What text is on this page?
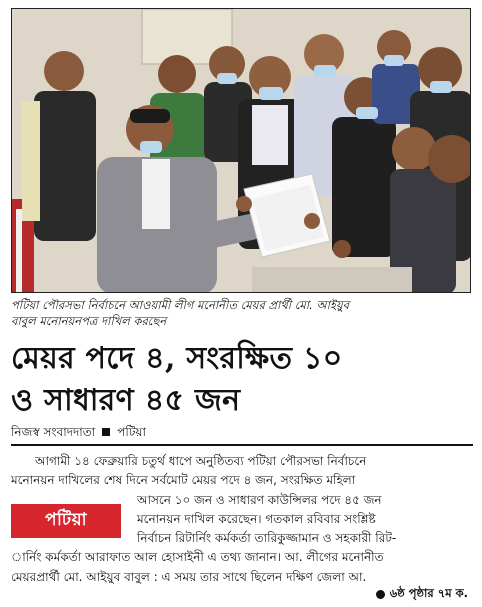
পটিয়া পৌরসভা নির্বাচনে আওয়ামী লীগ মনোনীত মেয়র প্রার্থী মো. আইয়ুব
বাবুল মনোনয়নপত্র দাখিল করছেন
মেয়র পদে ৪, সংরক্ষিত ১০
ও সাধারণ ৪৫ জন
নিজস্ব সংবাদদাতা পটিয়া
আগামী ১৪ ফেব্রুয়ারি চতুর্থ ধাপে অনুষ্ঠিতব্য পটিয়া পৌরসভা নির্বাচনে
মনোনয়ন দাখিলের শেষ দিনে সর্বমোট মেয়র পদে ৪ জন, সংরক্ষিত মহিলা
আসনে ১০ জন ও সাধারণ কাউন্সিলর পদে ৪৫ জন
মনোনয়ন দাখিল করেছেন। গতকাল রবিবার সংশ্লিষ্ট
নির্বাচন রিটার্নিং কর্মকর্তা তারিকুজ্জামান ও সহকারী রিট-
ার্নিং কর্মকর্তা আরাফাত আল হোসাইনী এ তথ্য জানান। আ. লীগের মনোনীত
মেয়রপ্রার্থী মো. আইয়ুব বাবুল : এ সময় তার সাথে ছিলেন দক্ষিণ জেলা আ.
পটিয়া
৬ষ্ঠ পৃষ্ঠার ৭ম ক.
